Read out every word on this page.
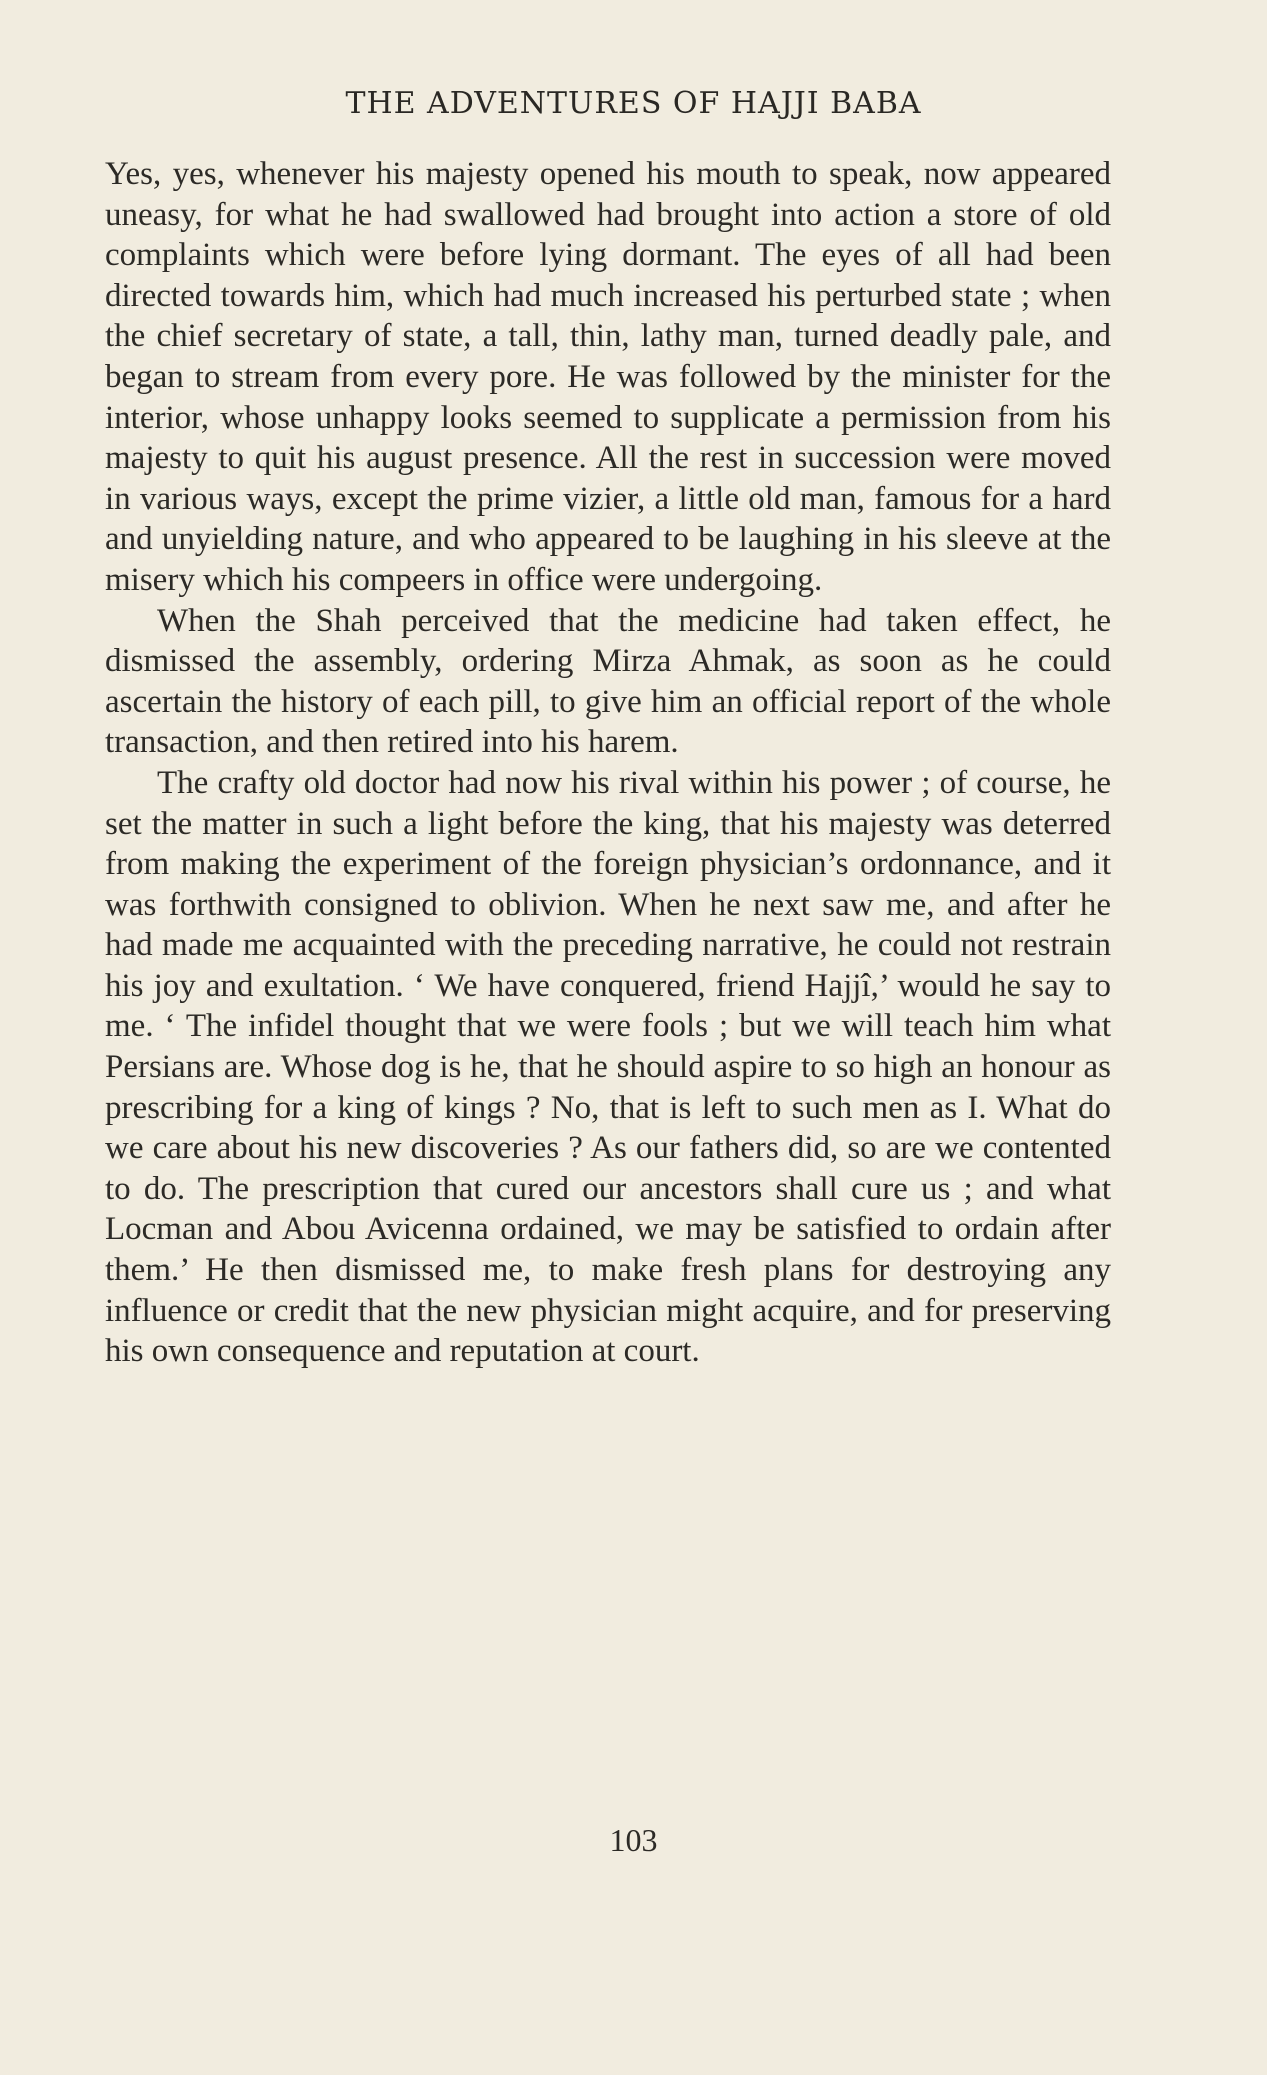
THE ADVENTURES OF HAJJI BABA

Yes, yes, whenever his majesty opened his mouth to speak, now appeared uneasy, for what he had swallowed had brought into action a store of old complaints which were before lying dormant. The eyes of all had been directed towards him, which had much increased his perturbed state ; when the chief secretary of state, a tall, thin, lathy man, turned deadly pale, and began to stream from every pore. He was followed by the minister for the interior, whose unhappy looks seemed to supplicate a permission from his majesty to quit his august presence. All the rest in succession were moved in various ways, except the prime vizier, a little old man, famous for a hard and unyielding nature, and who appeared to be laughing in his sleeve at the misery which his compeers in office were undergoing.

When the Shah perceived that the medicine had taken effect, he dismissed the assembly, ordering Mirza Ahmak, as soon as he could ascertain the history of each pill, to give him an official report of the whole transaction, and then retired into his harem.

The crafty old doctor had now his rival within his power ; of course, he set the matter in such a light before the king, that his majesty was deterred from making the experiment of the foreign physician’s ordonnance, and it was forthwith consigned to oblivion. When he next saw me, and after he had made me acquainted with the preceding narrative, he could not restrain his joy and exultation. ‘ We have conquered, friend Hajjî,’ would he say to me. ‘ The infidel thought that we were fools ; but we will teach him what Persians are. Whose dog is he, that he should aspire to so high an honour as prescribing for a king of kings ? No, that is left to such men as I. What do we care about his new discoveries ? As our fathers did, so are we contented to do. The prescription that cured our ancestors shall cure us ; and what Locman and Abou Avicenna ordained, we may be satisfied to ordain after them.’ He then dismissed me, to make fresh plans for destroying any influence or credit that the new physician might acquire, and for preserving his own consequence and reputation at court.

103
